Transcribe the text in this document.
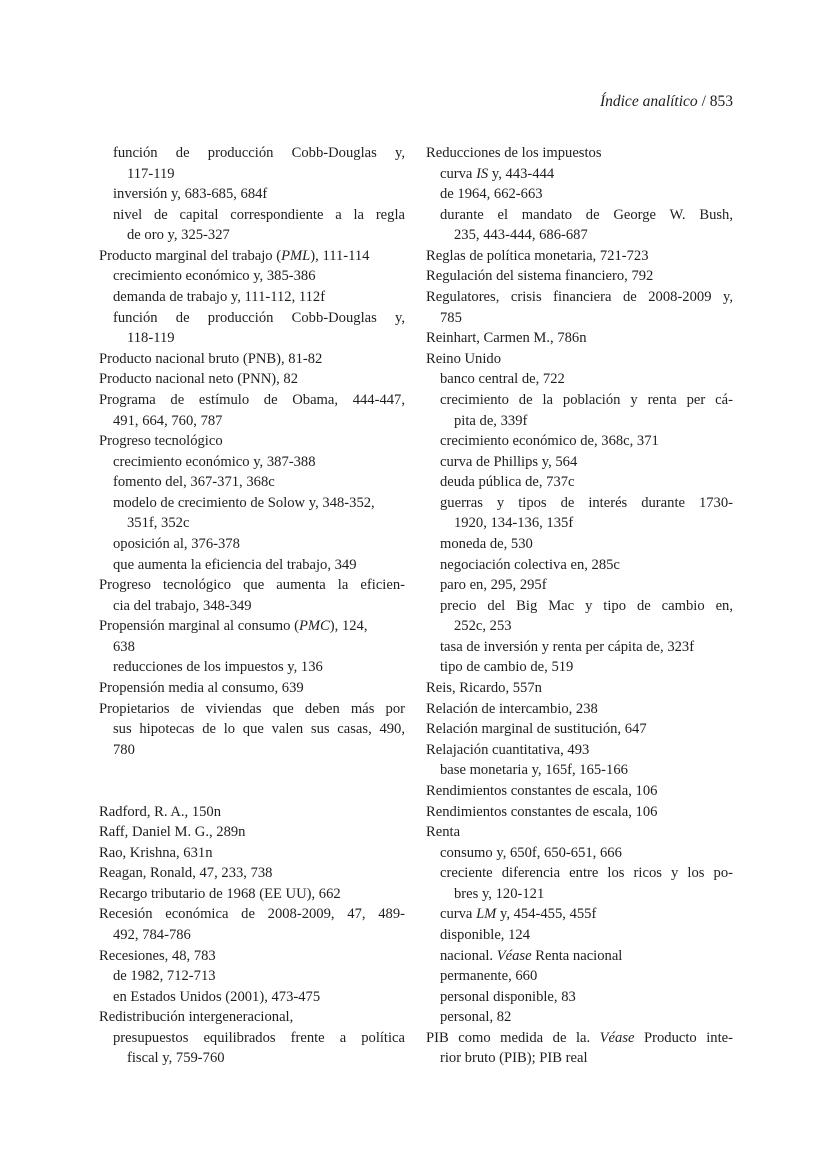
Índice analítico / 853
función de producción Cobb-Douglas y,
117-119
inversión y, 683-685, 684f
nivel de capital correspondiente a la regla
de oro y, 325-327
Producto marginal del trabajo (PML), 111-114
crecimiento económico y, 385-386
demanda de trabajo y, 111-112, 112f
función de producción Cobb-Douglas y,
118-119
Producto nacional bruto (PNB), 81-82
Producto nacional neto (PNN), 82
Programa de estímulo de Obama, 444-447,
491, 664, 760, 787
Progreso tecnológico
crecimiento económico y, 387-388
fomento del, 367-371, 368c
modelo de crecimiento de Solow y, 348-352,
351f, 352c
oposición al, 376-378
que aumenta la eficiencia del trabajo, 349
Progreso tecnológico que aumenta la eficien-
cia del trabajo, 348-349
Propensión marginal al consumo (PMC), 124,
638
reducciones de los impuestos y, 136
Propensión media al consumo, 639
Propietarios de viviendas que deben más por
sus hipotecas de lo que valen sus casas, 490,
780
Radford, R. A., 150n
Raff, Daniel M. G., 289n
Rao, Krishna, 631n
Reagan, Ronald, 47, 233, 738
Recargo tributario de 1968 (EE UU), 662
Recesión económica de 2008-2009, 47, 489-
492, 784-786
Recesiones, 48, 783
de 1982, 712-713
en Estados Unidos (2001), 473-475
Redistribución intergeneracional,
presupuestos equilibrados frente a política
fiscal y, 759-760
Reducciones de los impuestos
curva IS y, 443-444
de 1964, 662-663
durante el mandato de George W. Bush,
235, 443-444, 686-687
Reglas de política monetaria, 721-723
Regulación del sistema financiero, 792
Regulatores, crisis financiera de 2008-2009 y,
785
Reinhart, Carmen M., 786n
Reino Unido
banco central de, 722
crecimiento de la población y renta per cá-
pita de, 339f
crecimiento económico de, 368c, 371
curva de Phillips y, 564
deuda pública de, 737c
guerras y tipos de interés durante 1730-
1920, 134-136, 135f
moneda de, 530
negociación colectiva en, 285c
paro en, 295, 295f
precio del Big Mac y tipo de cambio en,
252c, 253
tasa de inversión y renta per cápita de, 323f
tipo de cambio de, 519
Reis, Ricardo, 557n
Relación de intercambio, 238
Relación marginal de sustitución, 647
Relajación cuantitativa, 493
base monetaria y, 165f, 165-166
Rendimientos constantes de escala, 106
Rendimientos constantes de escala, 106
Renta
consumo y, 650f, 650-651, 666
creciente diferencia entre los ricos y los po-
bres y, 120-121
curva LM y, 454-455, 455f
disponible, 124
nacional. Véase Renta nacional
permanente, 660
personal disponible, 83
personal, 82
PIB como medida de la. Véase Producto inte-
rior bruto (PIB); PIB real
